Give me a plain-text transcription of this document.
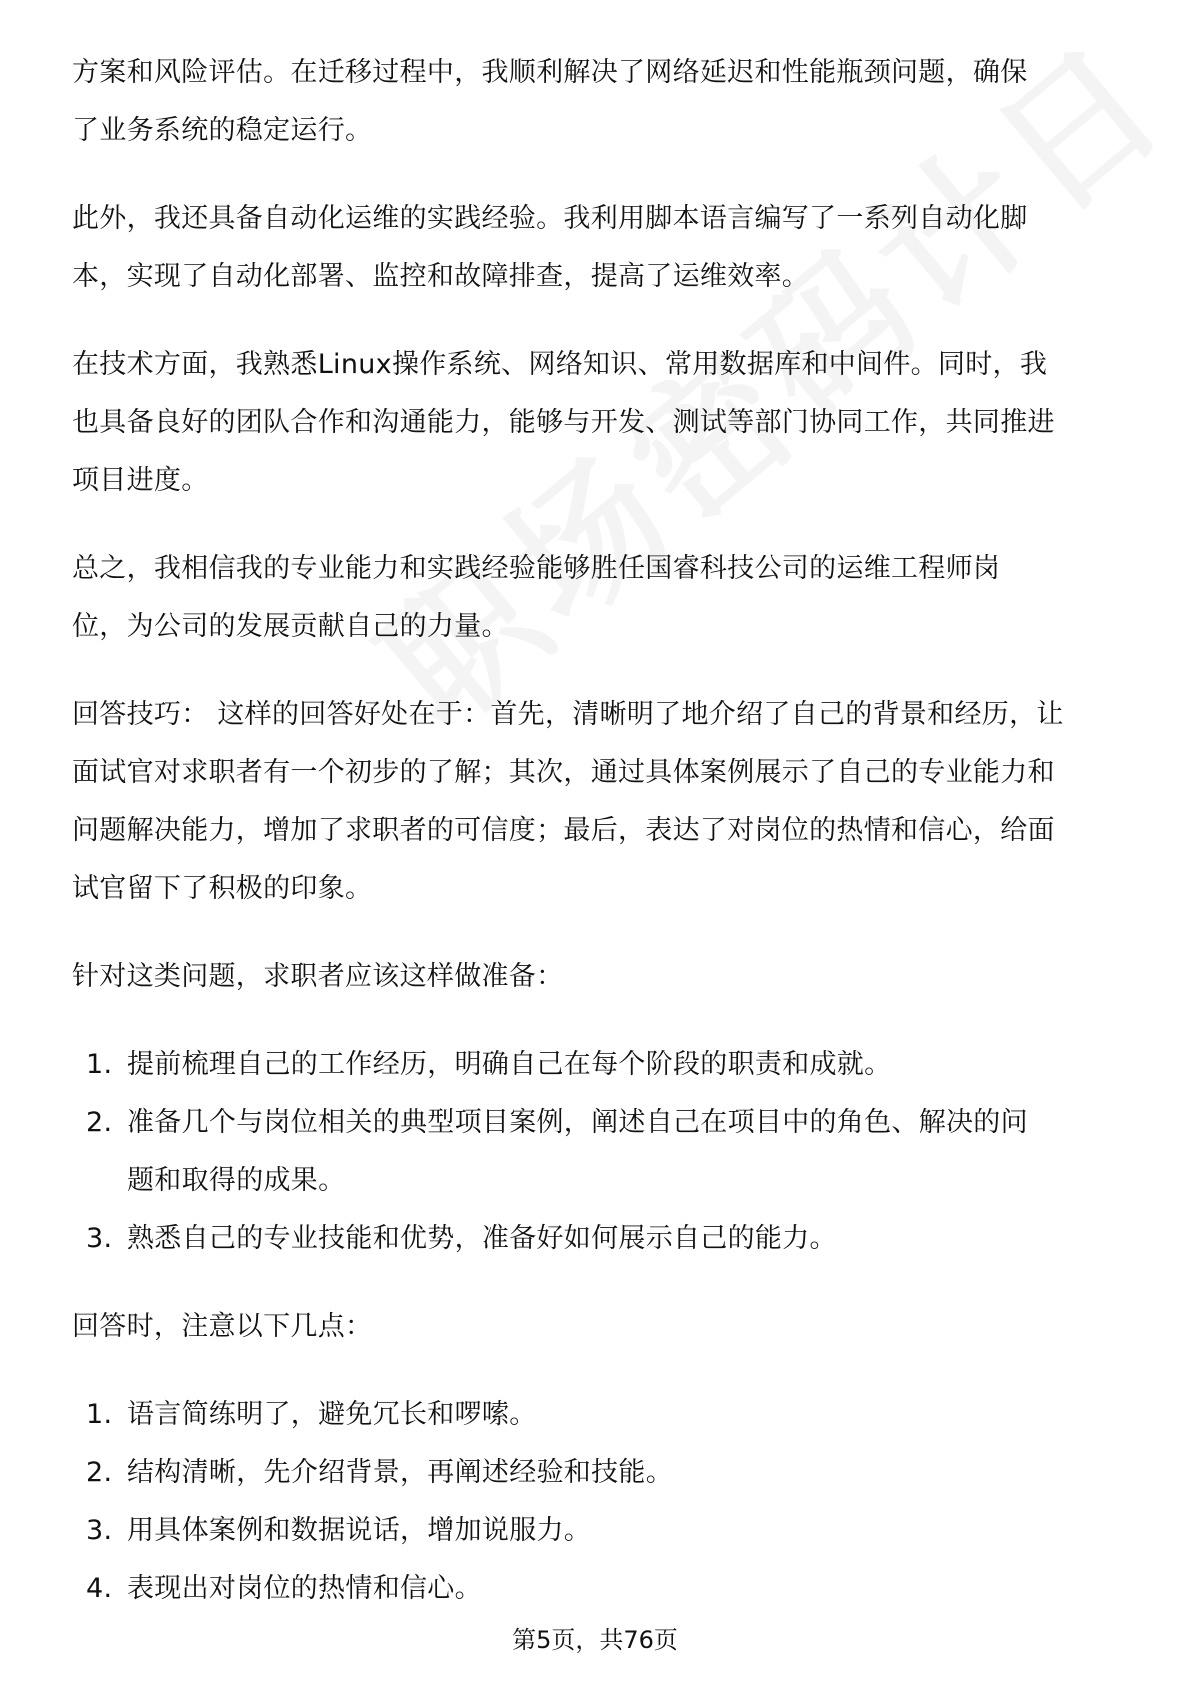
方案和风险评估。在迁移过程中，我顺利解决了网络延迟和性能瓶颈问题，确保了业务系统的稳定运行。

此外，我还具备自动化运维的实践经验。我利用脚本语言编写了一系列自动化脚本，实现了自动化部署、监控和故障排查，提高了运维效率。

在技术方面，我熟悉Linux操作系统、网络知识、常用数据库和中间件。同时，我也具备良好的团队合作和沟通能力，能够与开发、测试等部门协同工作，共同推进项目进度。

总之，我相信我的专业能力和实践经验能够胜任国睿科技公司的运维工程师岗位，为公司的发展贡献自己的力量。

回答技巧： 这样的回答好处在于：首先，清晰明了地介绍了自己的背景和经历，让面试官对求职者有一个初步的了解；其次，通过具体案例展示了自己的专业能力和问题解决能力，增加了求职者的可信度；最后，表达了对岗位的热情和信心，给面试官留下了积极的印象。

针对这类问题，求职者应该这样做准备：

1. 提前梳理自己的工作经历，明确自己在每个阶段的职责和成就。
2. 准备几个与岗位相关的典型项目案例，阐述自己在项目中的角色、解决的问题和取得的成果。
3. 熟悉自己的专业技能和优势，准备好如何展示自己的能力。

回答时，注意以下几点：

1. 语言简练明了，避免冗长和啰嗦。
2. 结构清晰，先介绍背景，再阐述经验和技能。
3. 用具体案例和数据说话，增加说服力。
4. 表现出对岗位的热情和信心。
第5页，共76页
